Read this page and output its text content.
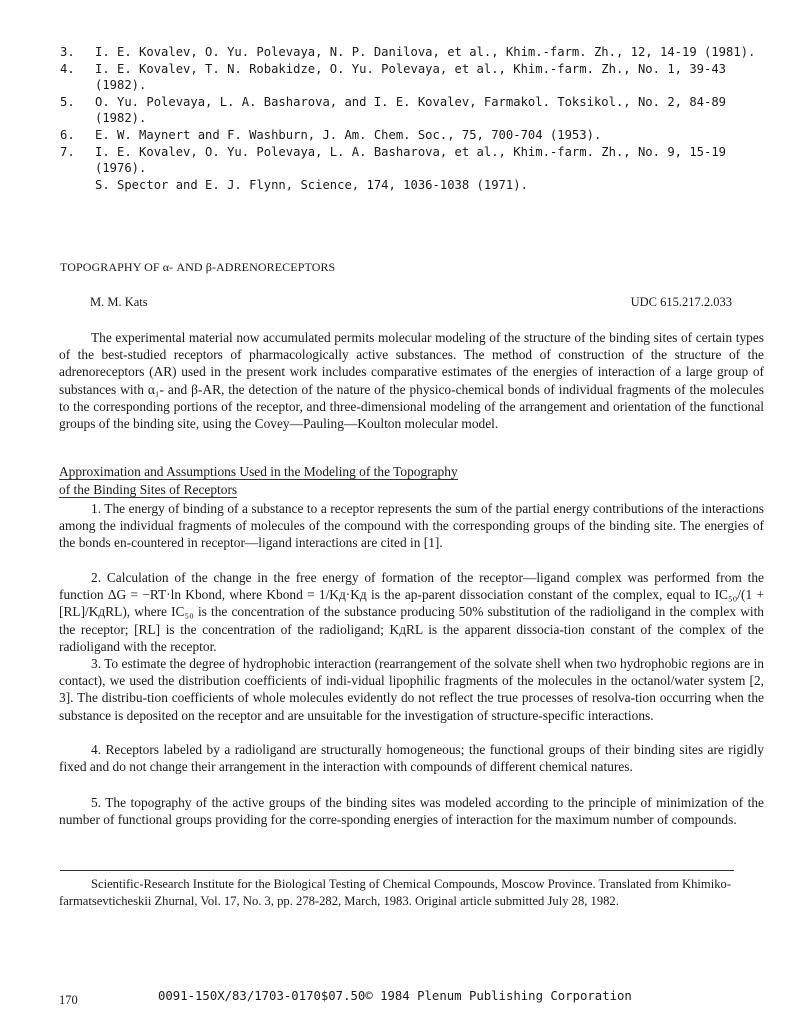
3.	I. E. Kovalev, O. Yu. Polevaya, N. P. Danilova, et al., Khim.-farm. Zh., 12, 14-19 (1981).
4.	I. E. Kovalev, T. N. Robakidze, O. Yu. Polevaya, et al., Khim.-farm. Zh., No. 1, 39-43 (1982).
5.	O. Yu. Polevaya, L. A. Basharova, and I. E. Kovalev, Farmakol. Toksikol., No. 2, 84-89 (1982).
6.	E. W. Maynert and F. Washburn, J. Am. Chem. Soc., 75, 700-704 (1953).
7.	I. E. Kovalev, O. Yu. Polevaya, L. A. Basharova, et al., Khim.-farm. Zh., No. 9, 15-19 (1976).
S. Spector and E. J. Flynn, Science, 174, 1036-1038 (1971).
TOPOGRAPHY OF α- AND β-ADRENORECEPTORS
M. M. Kats	UDC 615.217.2.033

The experimental material now accumulated permits molecular modeling of the structure of the binding sites of certain types of the best-studied receptors of pharmacologically active substances. The method of construction of the structure of the adrenoreceptors (AR) used in the present work includes comparative estimates of the energies of interaction of a large group of substances with α₁- and β-AR, the detection of the nature of the physico-chemical bonds of individual fragments of the molecules to the corresponding portions of the receptor, and three-dimensional modeling of the arrangement and orientation of the functional groups of the binding site, using the Covey—Pauling—Koulton molecular model.

Approximation and Assumptions Used in the Modeling of the Topography
of the Binding Sites of Receptors

1. The energy of binding of a substance to a receptor represents the sum of the partial energy contributions of the interactions among the individual fragments of molecules of the compound with the corresponding groups of the binding site. The energies of the bonds en-countered in receptor—ligand interactions are cited in [1].

2. Calculation of the change in the free energy of formation of the receptor—ligand complex was performed from the function ΔG = −RT·ln Kbond, where Kbond = 1/Kд·Kд is the ap-parent dissociation constant of the complex, equal to IC₅₀/(1 + [RL]/KдRL), where IC₅₀ is the concentration of the substance producing 50% substitution of the radioligand in the complex with the receptor; [RL] is the concentration of the radioligand; KдRL is the apparent dissocia-tion constant of the complex of the radioligand with the receptor.

3. To estimate the degree of hydrophobic interaction (rearrangement of the solvate shell when two hydrophobic regions are in contact), we used the distribution coefficients of indi-vidual lipophilic fragments of the molecules in the octanol/water system [2, 3]. The distribu-tion coefficients of whole molecules evidently do not reflect the true processes of resolva-tion occurring when the substance is deposited on the receptor and are unsuitable for the investigation of structure-specific interactions.

4. Receptors labeled by a radioligand are structurally homogeneous; the functional groups of their binding sites are rigidly fixed and do not change their arrangement in the interaction with compounds of different chemical natures.

5. The topography of the active groups of the binding sites was modeled according to the principle of minimization of the number of functional groups providing for the corre-sponding energies of interaction for the maximum number of compounds.

Scientific-Research Institute for the Biological Testing of Chemical Compounds, Moscow Province. Translated from Khimiko-farmatsevticheskii Zhurnal, Vol. 17, No. 3, pp. 278-282, March, 1983. Original article submitted July 28, 1982.
170	0091-150X/83/1703-0170$07.50© 1984 Plenum Publishing Corporation
